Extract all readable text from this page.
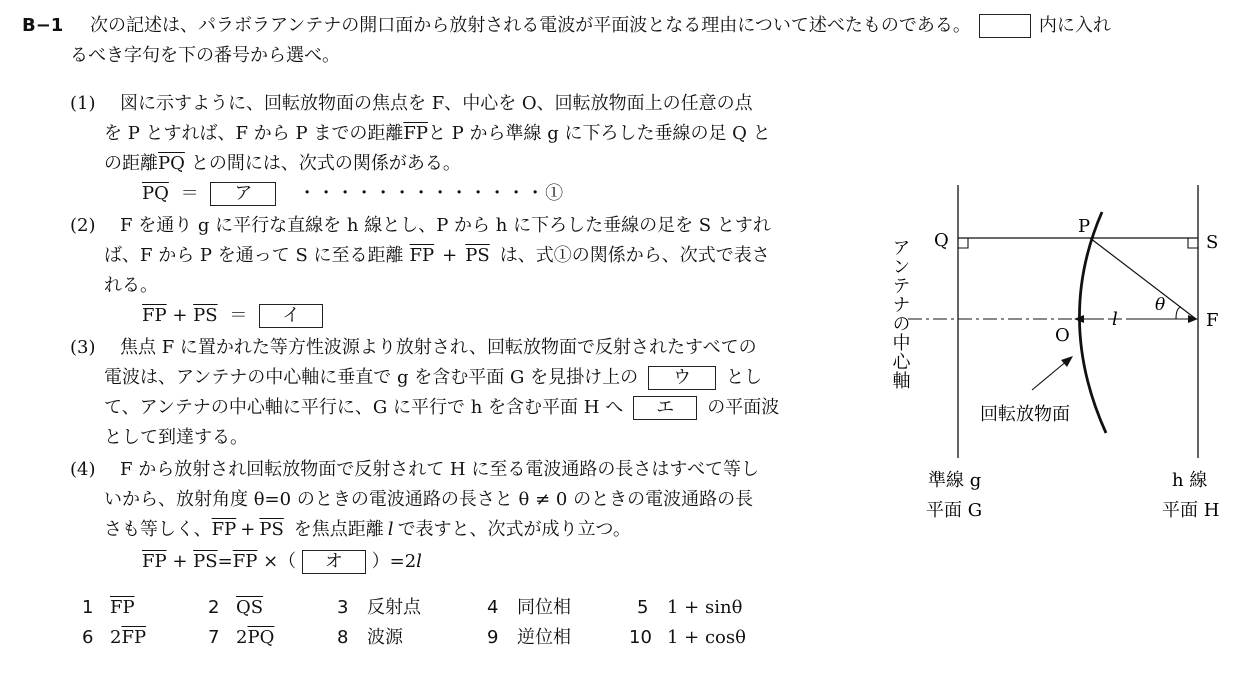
B−1 次の記述は、パラボラアンテナの開口面から放射される電波が平面波となる理由について述べたものである。	内に入れ
るべき字句を下の番号から選べ。
(1) 図に示すように、回転放物面の焦点を F、中心を O、回転放物面上の任意の点
を P とすれば、F から P までの距離$\overline{FP}$と P から準線 g に下ろした垂線の足 Q と
の距離$\overline{PQ}$ との間には、次式の関係がある。
$\overline{PQ}$ ＝ ア	・・・・・・・・・・・・・①
(2) F を通り g に平行な直線を h 線とし、P から h に下ろした垂線の足を S とすれ
ば、F から P を通って S に至る距離 $\overline{FP} + \overline{PS}$ は、式①の関係から、次式で表さ
れる。
$\overline{FP} + \overline{PS}$ ＝ イ
(3) 焦点 F に置かれた等方性波源より放射され、回転放物面で反射されたすべての
電波は、アンテナの中心軸に垂直で g を含む平面 G を見掛け上の ウ とし
て、アンテナの中心軸に平行に、G に平行で h を含む平面 H へ エ の平面波
として到達する。
(4) F から放射され回転放物面で反射されて H に至る電波通路の長さはすべて等し
いから、放射角度 θ=0 のときの電波通路の長さと θ ≠ 0 のときの電波通路の長
さも等しく、$\overline{FP} + \overline{PS}$ を焦点距離 l で表すと、次式が成り立つ。
$\overline{FP} + \overline{PS}=\overline{FP}$ ×（ オ ）=2l
1 $\overline{FP}$	2 $\overline{QS}$	3 反射点	4 同位相	5 1 + sinθ
6 $2\overline{FP}$	7 $2\overline{PQ}$	8 波源	9 逆位相	10 1 + cosθ
アンテナの中心軸 Q
P
S
F
O
l
θ
回転放物面
準線 g
平面 G
h 線
平面 H
